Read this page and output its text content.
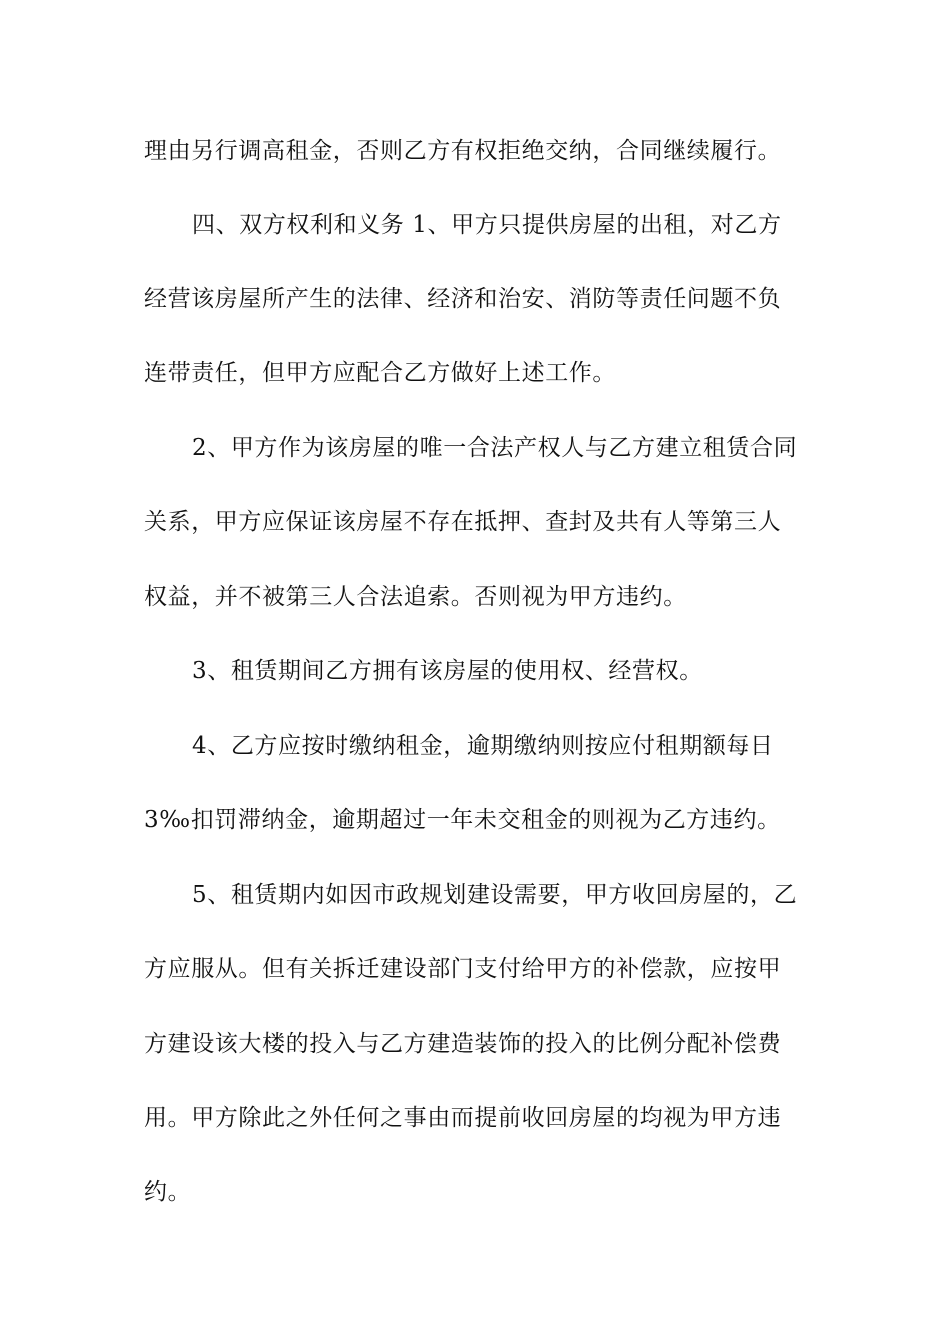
理由另行调高租金，否则乙方有权拒绝交纳，合同继续履行。
四、双方权利和义务 1、甲方只提供房屋的出租，对乙方
经营该房屋所产生的法律、经济和治安、消防等责任问题不负
连带责任，但甲方应配合乙方做好上述工作。
2、甲方作为该房屋的唯一合法产权人与乙方建立租赁合同
关系，甲方应保证该房屋不存在抵押、查封及共有人等第三人
权益，并不被第三人合法追索。否则视为甲方违约。
3、租赁期间乙方拥有该房屋的使用权、经营权。
4、乙方应按时缴纳租金，逾期缴纳则按应付租期额每日
3‰扣罚滞纳金，逾期超过一年未交租金的则视为乙方违约。
5、租赁期内如因市政规划建设需要，甲方收回房屋的，乙
方应服从。但有关拆迁建设部门支付给甲方的补偿款，应按甲
方建设该大楼的投入与乙方建造装饰的投入的比例分配补偿费
用。甲方除此之外任何之事由而提前收回房屋的均视为甲方违
约。
